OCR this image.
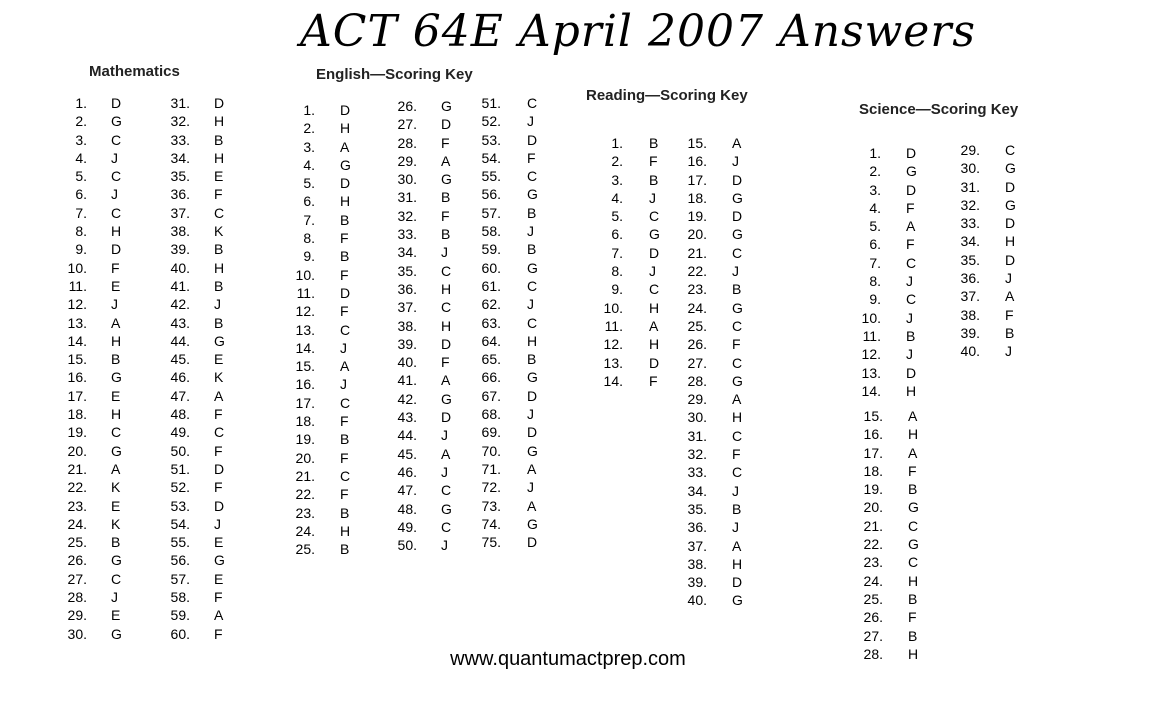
ACT 64E April 2007 Answers
Mathematics	English—Scoring Key
Reading—Scoring Key
Science—Scoring Key
1. D
2. G
3. C
4. J
5. C
6. J
7. C
8. H
9. D
10. F
11. E
12. J
13. A
14. H
15. B
16. G
17. E
18. H
19. C
20. G
21. A
22. K
23. E
24. K
25. B
26. G
27. C
28. J
29. E
30. G
31. D
32. H
33. B
34. H
35. E
36. F
37. C
38. K
39. B
40. H
41. B
42. J
43. B
44. G
45. E
46. K
47. A
48. F
49. C
50. F
51. D
52. F
53. D
54. J
55. E
56. G
57. E
58. F
59. A
60. F
1. D
2. H
3. A
4. G
5. D
6. H
7. B
8. F
9. B
10. F
11. D
12. F
13. C
14. J
15. A
16. J
17. C
18. F
19. B
20. F
21. C
22. F
23. B
24. H
25. B
26. G
27. D
28. F
29. A
30. G
31. B
32. F
33. B
34. J
35. C
36. H
37. C
38. H
39. D
40. F
41. A
42. G
43. D
44. J
45. A
46. J
47. C
48. G
49. C
50. J
51. C
52. J
53. D
54. F
55. C
56. G
57. B
58. J
59. B
60. G
61. C
62. J
63. C
64. H
65. B
66. G
67. D
68. J
69. D
70. G
71. A
72. J
73. A
74. G
75. D
1. B
2. F
3. B
4. J
5. C
6. G
7. D
8. J
9. C
10. H
11. A
12. H
13. D
14. F
15. A
16. J
17. D
18. G
19. D
20. G
21. C
22. J
23. B
24. G
25. C
26. F
27. C
28. G
29. A
30. H
31. C
32. F
33. C
34. J
35. B
36. J
37. A
38. H
39. D
40. G
1. D
2. G
3. D
4. F
5. A
6. F
7. C
8. J
9. C
10. J
11. B
12. J
13. D
14. H
15. A
16. H
17. A
18. F
19. B
20. G
21. C
22. G
23. C
24. H
25. B
26. F
27. B
28. H
29. C
30. G
31. D
32. G
33. D
34. H
35. D
36. J
37. A
38. F
39. B
40. J
www.quantumactprep.com
